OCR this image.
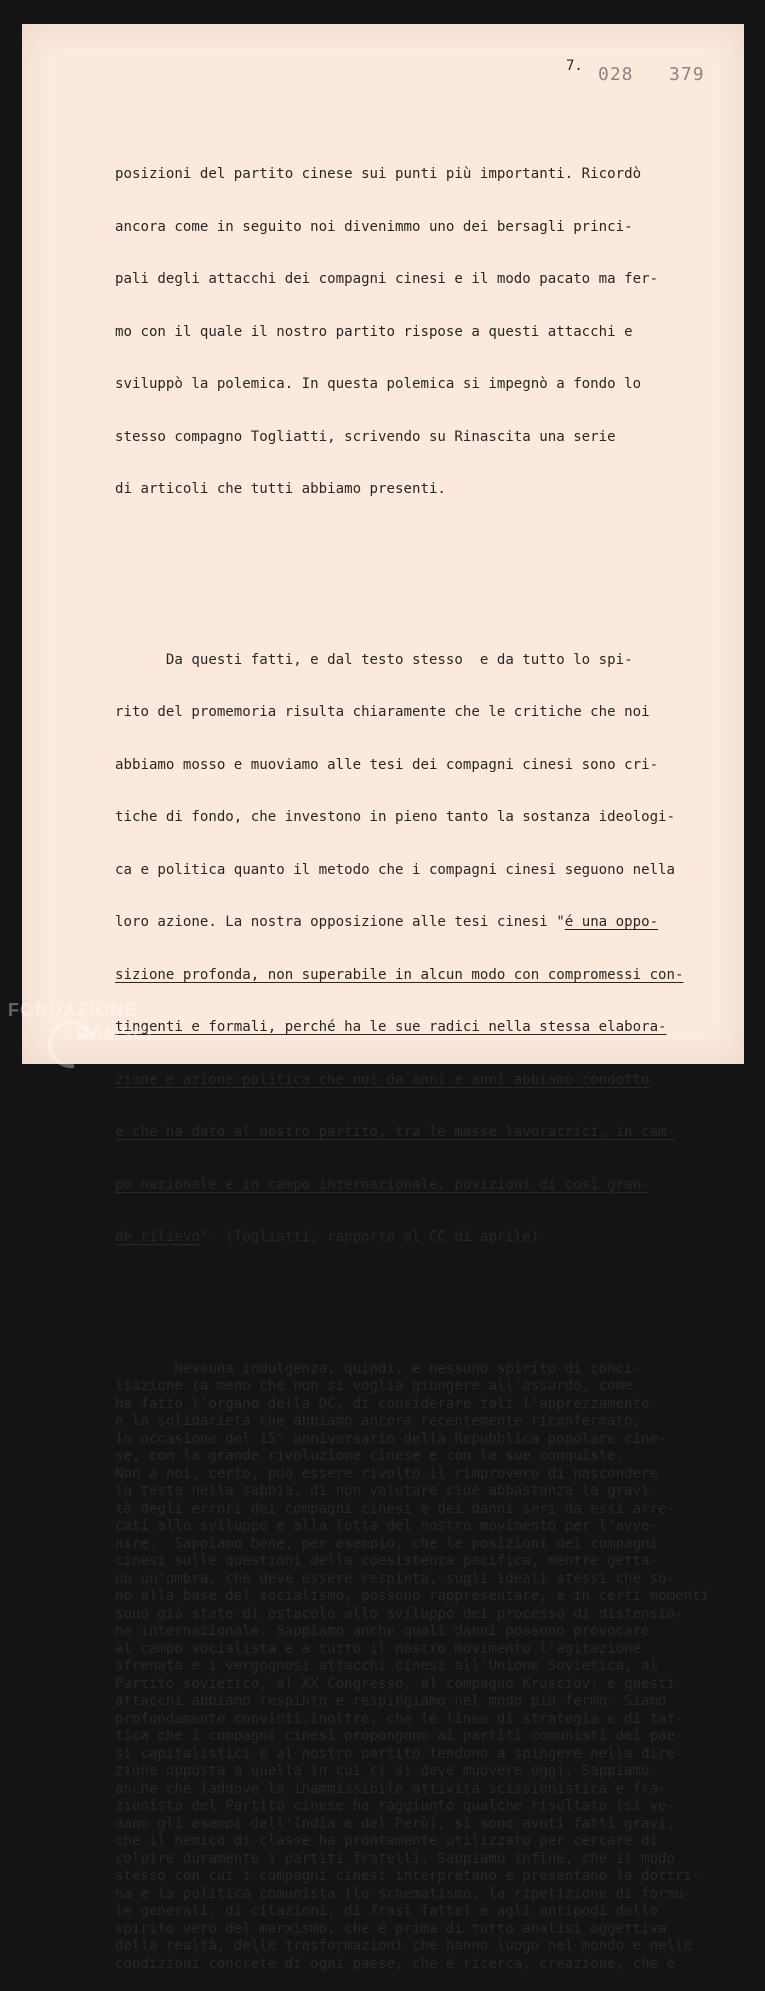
028   379
7.

posizioni del partito cinese sui punti più importanti. Ricordò

ancora come in seguito noi divenimmo uno dei bersagli princi-

pali degli attacchi dei compagni cinesi e il modo pacato ma fer-

mo con il quale il nostro partito rispose a questi attacchi e

sviluppò la polemica. In questa polemica si impegnò a fondo lo

stesso compagno Togliatti, scrivendo su Rinascita una serie

di articoli che tutti abbiamo presenti.

Da questi fatti, e dal testo stesso  e da tutto lo spi-

rito del promemoria risulta chiaramente che le critiche che noi

abbiamo mosso e muoviamo alle tesi dei compagni cinesi sono cri-

tiche di fondo, che investono in pieno tanto la sostanza ideologi-

ca e politica quanto il metodo che i compagni cinesi seguono nella

loro azione. La nostra opposizione alle tesi cinesi "é una oppo-

sizione profonda, non superabile in alcun modo con compromessi con-

tingenti e formali, perché ha le sue radici nella stessa elabora-

zione e azione politica che noi da anni e anni abbiamo condotto

e che ha dato al nostro partito, tra le masse lavoratrici, in cam-

po nazionale e in campo internazionale, posizioni di così gran-

de rilievo". (Togliatti, rapporto al CC di aprile).

Nessuna indulgenza, quindi, e nessuno spirito di conci-
liazione (a meno che non si voglia giungere all'assurdo, come
ha fatto l'organo della DC, di considerare tali l'apprezzamento
e la solidarietà che abbiamo ancora recentemente riconfermato,
in occasione del 15° anniversario della Repubblica popolare cine-
se, con la grande rivoluzione cinese e con le sue conquiste.
Non a noi, certo, può essere rivolto il rimprovero di nascondere
la testa nella sabbia, di non valutare cioé abbastanza la gravi-
tà degli errori dei compagni cinesi e dei danni seri da essi arre-
cati allo sviluppo e alla lotta del nostro movimento per l'avve-
nire.  Sappiamo bene, per esempio, che le posizioni dei compagni
cinesi sulle questioni della coesistenza pacifica, mentre getta-
no un'ombra, che deve essere respinta, sugli ideali stessi che so-
no alla base del socialismo, possono rappresentare, e in certi momenti
sono già state di ostacolo allo sviluppo dei processo di distensio-
ne internazionale. Sappiamo anche quali danni possono provocare
al campo socialista e a tutto il nostro movimento l'agitazione
sfrenata e i vergognosi attacchi cinesi all'Unione Sovietica, al
Partito sovietico, al XX Congresso, al compagno Krusciov; e questi
attacchi abbiamo respinto e respingiamo nel modo più fermo. Siamo
profondamente convinti,inoltre, che le linee di strategia e di tat-
tica che i compagni cinesi propongono ai partiti comunisti dei pae-
si capitalistici e al nostro partito tendono a spingere nella dire-
zione opposta a quella in cui ci si deve muovere oggi. Sappiamo
anche che laddove la inammissibile attività scissionistica e fra-
zionista del Partito cinese ha raggiunto qualche risultato (si ve-
dano gli esempi dell'India e del Perù), si sono avuti fatti gravi,
che il nemico di classe ha prontamente utilizzato per cercare di
colpire duramente i partiti fratelli. Sappiamo infine, che il modo
stesso con cui i compagni cinesi interpretano e presentano la dottri-
na e la politica comunista (lo schematismo, la ripetizione di formu-
le generali, di citazioni, di frasi fatte) é agli antipodi dello
spirito vero del marxismo, che é prima di tutto analisi oggettiva
della realtà, delle trasformazioni che hanno luogo nel mondo e nelle
condizioni concrete di ogni paese, che é ricerca, creazione, che é

FONDAZIONE
RAMSCI
